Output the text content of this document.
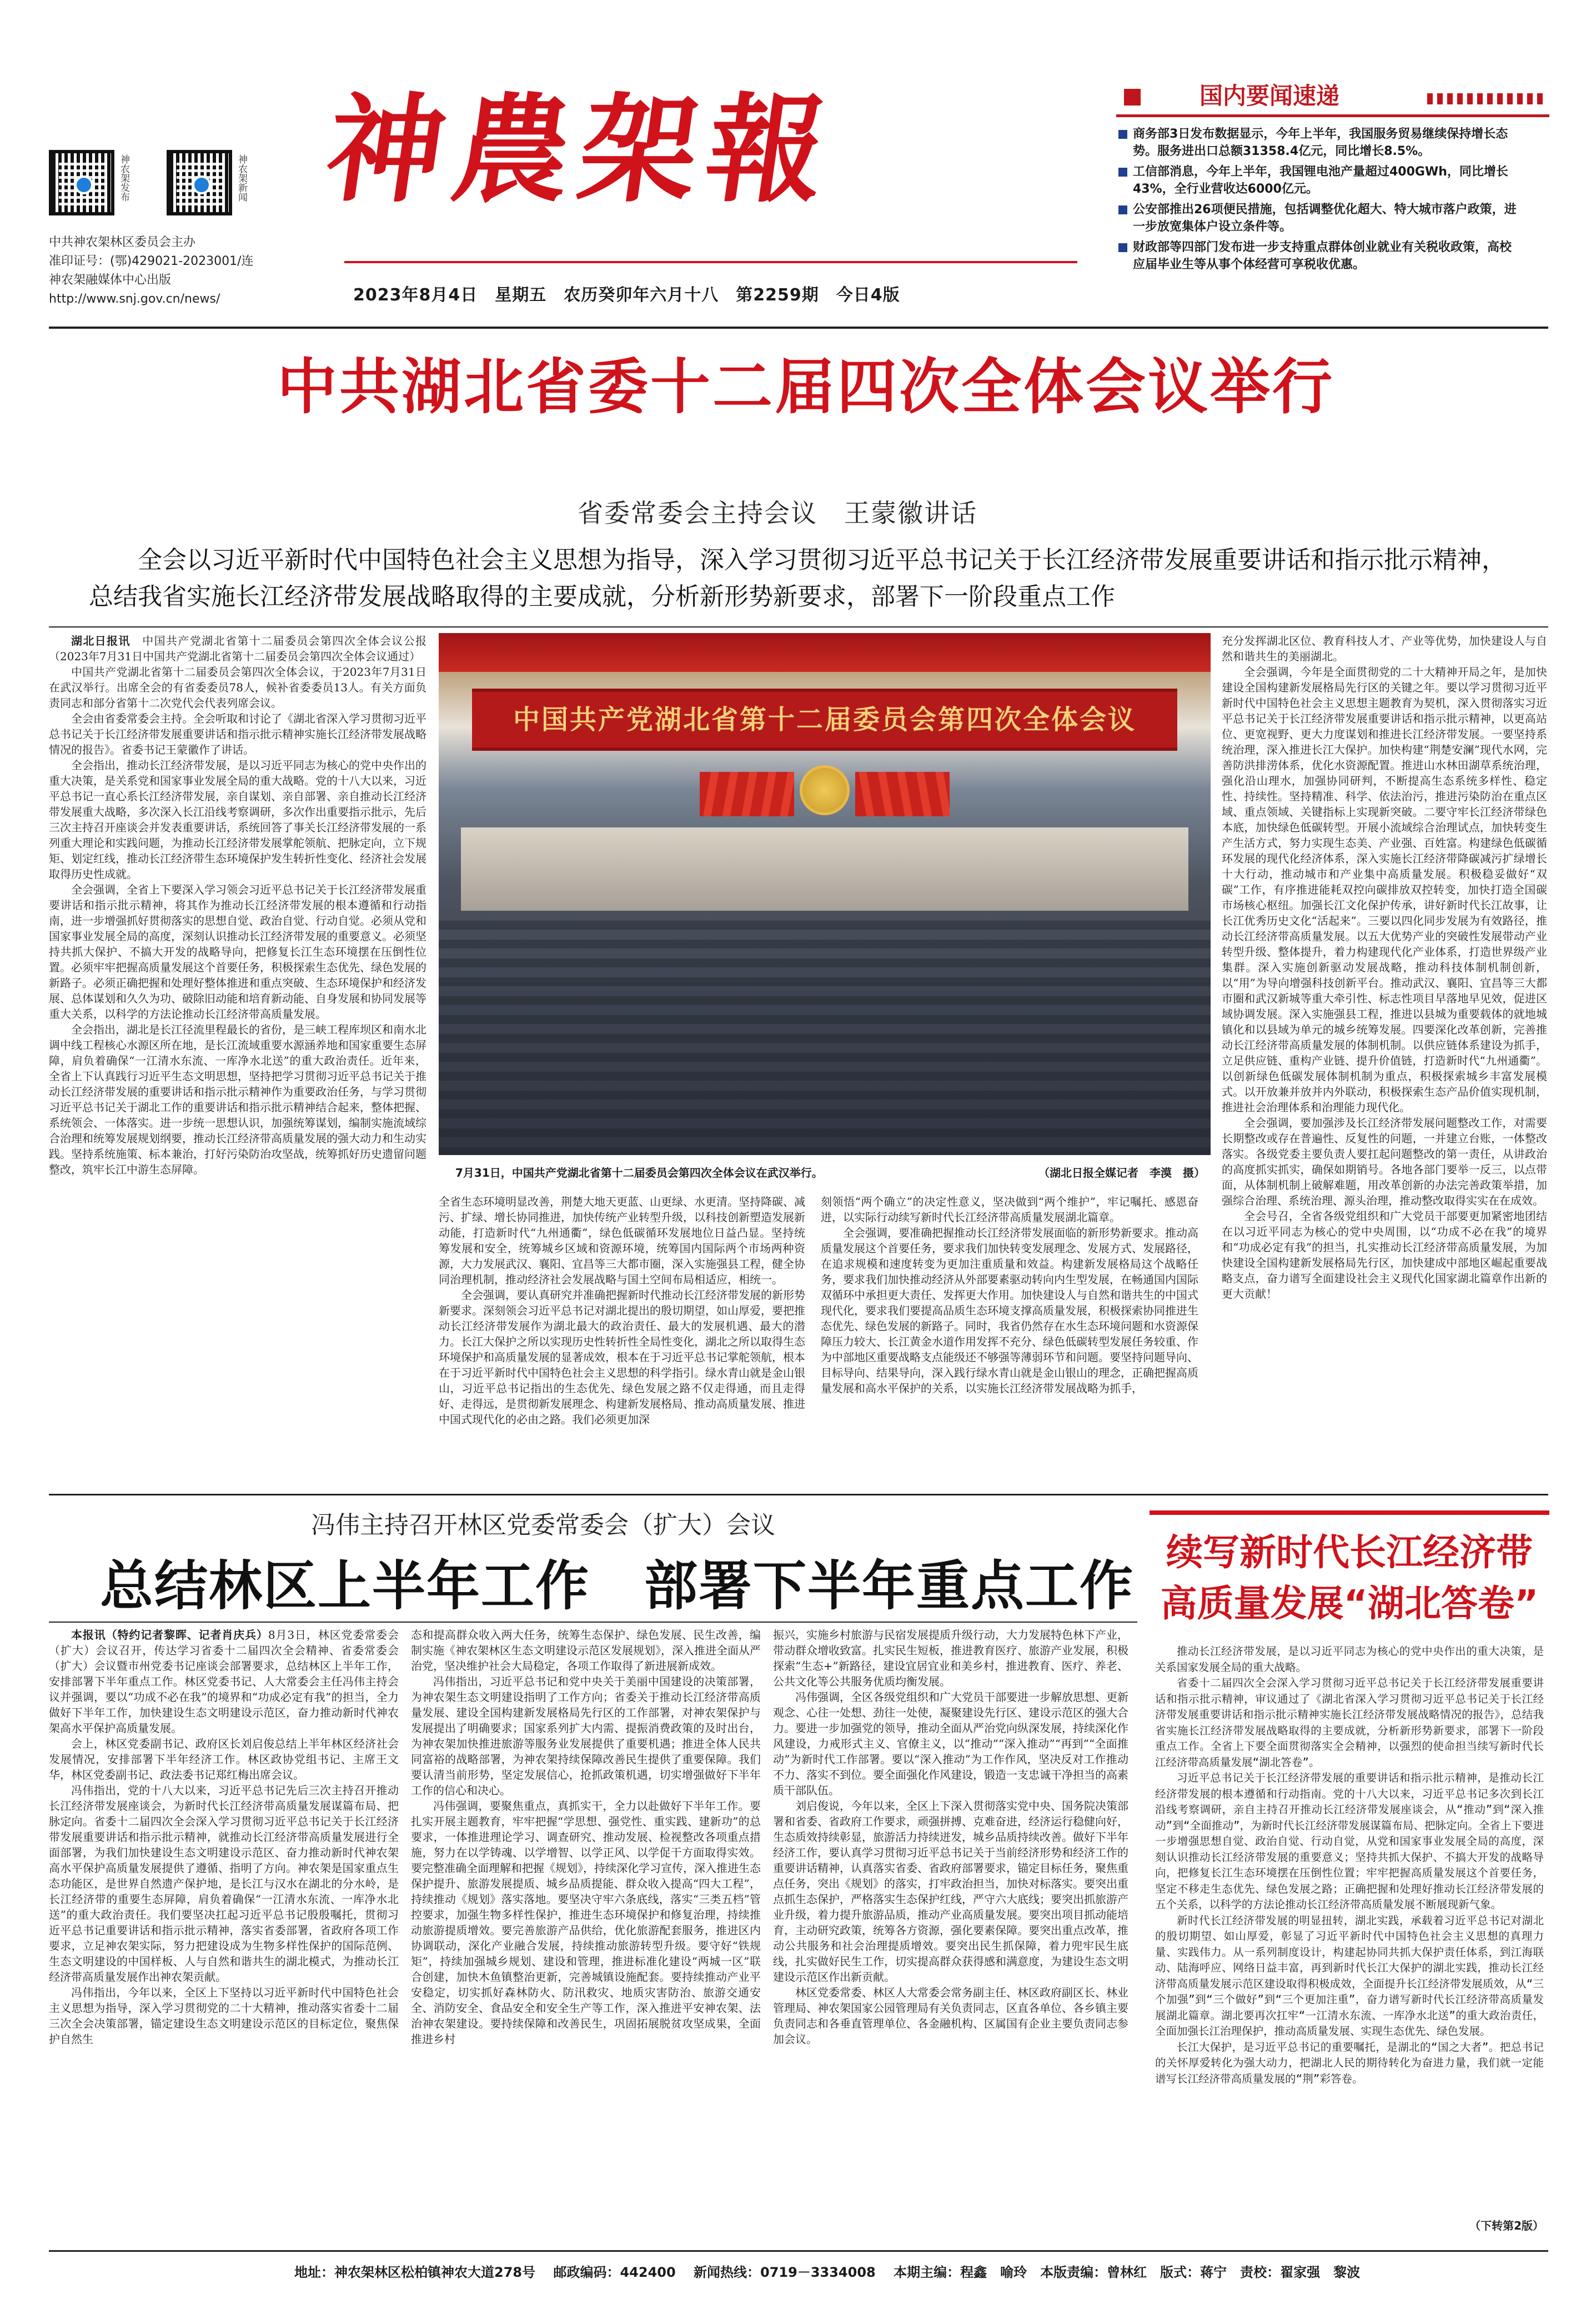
神农架发布	神农架新闻
中共神农架林区委员会主办
准印证号：(鄂)429021-2023001/连
神农架融媒体中心出版
http://www.snj.gov.cn/news/
神農架報
2023年8月4日　星期五　农历癸卯年六月十八　第2259期　今日4版
国内要闻速递
商务部3日发布数据显示，今年上半年，我国服务贸易继续保持增长态势。服务进出口总额31358.4亿元，同比增长8.5%。
工信部消息，今年上半年，我国锂电池产量超过400GWh，同比增长43%，全行业营收达6000亿元。
公安部推出26项便民措施，包括调整优化超大、特大城市落户政策，进一步放宽集体户设立条件等。
财政部等四部门发布进一步支持重点群体创业就业有关税收政策，高校应届毕业生等从事个体经营可享税收优惠。
中共湖北省委十二届四次全体会议举行
省委常委会主持会议　王蒙徽讲话
全会以习近平新时代中国特色社会主义思想为指导，深入学习贯彻习近平总书记关于长江经济带发展重要讲话和指示批示精神，总结我省实施长江经济带发展战略取得的主要成就，分析新形势新要求，部署下一阶段重点工作

湖北日报讯　 中国共产党湖北省第十二届委员会第四次全体会议公报（2023年7月31日中国共产党湖北省第十二届委员会第四次全体会议通过）

中国共产党湖北省第十二届委员会第四次全体会议，于2023年7月31日在武汉举行。出席全会的有省委委员78人，候补省委委员13人。有关方面负责同志和部分省第十二次党代会代表列席会议。

全会由省委常委会主持。全会听取和讨论了《湖北省深入学习贯彻习近平总书记关于长江经济带发展重要讲话和指示批示精神实施长江经济带发展战略情况的报告》。省委书记王蒙徽作了讲话。

全会指出，推动长江经济带发展，是以习近平同志为核心的党中央作出的重大决策，是关系党和国家事业发展全局的重大战略。党的十八大以来，习近平总书记一直心系长江经济带发展，亲自谋划、亲自部署、亲自推动长江经济带发展重大战略，多次深入长江沿线考察调研，多次作出重要指示批示，先后三次主持召开座谈会并发表重要讲话，系统回答了事关长江经济带发展的一系列重大理论和实践问题，为推动长江经济带发展掌舵领航、把脉定向，立下规矩、划定红线，推动长江经济带生态环境保护发生转折性变化、经济社会发展取得历史性成就。

全会强调，全省上下要深入学习领会习近平总书记关于长江经济带发展重要讲话和指示批示精神，将其作为推动长江经济带发展的根本遵循和行动指南，进一步增强抓好贯彻落实的思想自觉、政治自觉、行动自觉。必须从党和国家事业发展全局的高度，深刻认识推动长江经济带发展的重要意义。必须坚持共抓大保护、不搞大开发的战略导向，把修复长江生态环境摆在压倒性位置。必须牢牢把握高质量发展这个首要任务，积极探索生态优先、绿色发展的新路子。必须正确把握和处理好整体推进和重点突破、生态环境保护和经济发展、总体谋划和久久为功、破除旧动能和培育新动能、自身发展和协同发展等重大关系，以科学的方法论推动长江经济带高质量发展。

全会指出，湖北是长江径流里程最长的省份，是三峡工程库坝区和南水北调中线工程核心水源区所在地，是长江流域重要水源涵养地和国家重要生态屏障，肩负着确保“一江清水东流、一库净水北送”的重大政治责任。近年来，全省上下认真践行习近平生态文明思想，坚持把学习贯彻习近平总书记关于推动长江经济带发展的重要讲话和指示批示精神作为重要政治任务，与学习贯彻习近平总书记关于湖北工作的重要讲话和指示批示精神结合起来，整体把握、系统领会、一体落实。进一步统一思想认识，加强统筹谋划，编制实施流域综合治理和统筹发展规划纲要，推动长江经济带高质量发展的强大动力和生动实践。坚持系统施策、标本兼治，打好污染防治攻坚战，统筹抓好历史遗留问题整改，筑牢长江中游生态屏障。

中国共产党湖北省第十二届委员会第四次全体会议
7月31日，中国共产党湖北省第十二届委员会第四次全体会议在武汉举行。	（湖北日报全媒记者　李漠　摄）

全省生态环境明显改善，荆楚大地天更蓝、山更绿、水更清。坚持降碳、减污、扩绿、增长协同推进，加快传统产业转型升级，以科技创新塑造发展新动能，打造新时代“九州通衢”，绿色低碳循环发展地位日益凸显。坚持统筹发展和安全，统筹城乡区域和资源环境，统筹国内国际两个市场两种资源，大力发展武汉、襄阳、宜昌等三大都市圈，深入实施强县工程，健全协同治理机制，推动经济社会发展战略与国土空间布局相适应，相统一。

全会强调，要认真研究并准确把握新时代推动长江经济带发展的新形势新要求。深刻领会习近平总书记对湖北提出的殷切期望，如山厚爱，要把推动长江经济带发展作为湖北最大的政治责任、最大的发展机遇、最大的潜力。长江大保护之所以实现历史性转折性全局性变化，湖北之所以取得生态环境保护和高质量发展的显著成效，根本在于习近平总书记掌舵领航，根本在于习近平新时代中国特色社会主义思想的科学指引。绿水青山就是金山银山，习近平总书记指出的生态优先、绿色发展之路不仅走得通，而且走得好、走得远，是贯彻新发展理念、构建新发展格局、推动高质量发展、推进中国式现代化的必由之路。我们必须更加深

刻领悟“两个确立”的决定性意义，坚决做到“两个维护”，牢记嘱托、感恩奋进，以实际行动续写新时代长江经济带高质量发展湖北篇章。

全会强调，要准确把握推动长江经济带发展面临的新形势新要求。推动高质量发展这个首要任务，要求我们加快转变发展理念、发展方式、发展路径，在追求规模和速度转变为更加注重质量和效益。构建新发展格局这个战略任务，要求我们加快推动经济从外部要素驱动转向内生型发展，在畅通国内国际双循环中承担更大责任、发挥更大作用。加快建设人与自然和谐共生的中国式现代化，要求我们要提高品质生态环境支撑高质量发展，积极探索协同推进生态优先、绿色发展的新路子。同时，我省仍然存在水生态环境问题和水资源保障压力较大、长江黄金水道作用发挥不充分、绿色低碳转型发展任务较重、作为中部地区重要战略支点能级还不够强等薄弱环节和问题。要坚持问题导向、目标导向、结果导向，深入践行绿水青山就是金山银山的理念，正确把握高质量发展和高水平保护的关系，以实施长江经济带发展战略为抓手，

充分发挥湖北区位、教育科技人才、产业等优势，加快建设人与自然和谐共生的美丽湖北。

全会强调，今年是全面贯彻党的二十大精神开局之年，是加快建设全国构建新发展格局先行区的关键之年。要以学习贯彻习近平新时代中国特色社会主义思想主题教育为契机，深入贯彻落实习近平总书记关于长江经济带发展重要讲话和指示批示精神，以更高站位、更宽视野、更大力度谋划和推进长江经济带发展。一要坚持系统治理，深入推进长江大保护。加快构建“荆楚安澜”现代水网，完善防洪排涝体系，优化水资源配置。推进山水林田湖草系统治理，强化沿山理水，加强协同研判，不断提高生态系统多样性、稳定性、持续性。坚持精准、科学、依法治污，推进污染防治在重点区域、重点领域、关键指标上实现新突破。二要守牢长江经济带绿色本底，加快绿色低碳转型。开展小流域综合治理试点，加快转变生产生活方式，努力实现生态美、产业强、百姓富。构建绿色低碳循环发展的现代化经济体系，深入实施长江经济带降碳减污扩绿增长十大行动，推动城市和产业集中高质量发展。积极稳妥做好“双碳”工作，有序推进能耗双控向碳排放双控转变，加快打造全国碳市场核心枢纽。加强长江文化保护传承，讲好新时代长江故事，让长江优秀历史文化“活起来”。三要以四化同步发展为有效路径，推动长江经济带高质量发展。以五大优势产业的突破性发展带动产业转型升级、整体提升，着力构建现代化产业体系，打造世界级产业集群。深入实施创新驱动发展战略，推动科技体制机制创新，以“用”为导向增强科技创新平台。推动武汉、襄阳、宜昌等三大都市圈和武汉新城等重大牵引性、标志性项目早落地早见效，促进区域协调发展。深入实施强县工程，推进以县城为重要载体的就地城镇化和以县域为单元的城乡统筹发展。四要深化改革创新，完善推动长江经济带高质量发展的体制机制。以供应链体系建设为抓手，立足供应链、重构产业链、提升价值链，打造新时代“九州通衢”。以创新绿色低碳发展体制机制为重点，积极探索城乡丰富发展模式。以开放兼并放并内外联动，积极探索生态产品价值实现机制，推进社会治理体系和治理能力现代化。

全会强调，要加强涉及长江经济带发展问题整改工作，对需要长期整改或存在普遍性、反复性的问题，一并建立台账，一体整改落实。各级党委主要负责人要扛起问题整改的第一责任，从讲政治的高度抓实抓实，确保如期销号。各地各部门要举一反三，以点带面，从体制机制上破解难题，用改革创新的办法完善政策举措，加强综合治理、系统治理、源头治理，推动整改取得实实在在成效。

全会号召，全省各级党组织和广大党员干部要更加紧密地团结在以习近平同志为核心的党中央周围，以“功成不必在我”的境界和“功成必定有我”的担当，扎实推动长江经济带高质量发展，为加快建设全国构建新发展格局先行区，加快建成中部地区崛起重要战略支点，奋力谱写全面建设社会主义现代化国家湖北篇章作出新的更大贡献！

冯伟主持召开林区党委常委会（扩大）会议
总结林区上半年工作　部署下半年重点工作

本报讯（特约记者黎晖、记者肖庆兵）8月3日，林区党委常委会（扩大）会议召开，传达学习省委十二届四次全会精神、省委常委会（扩大）会议暨市州党委书记座谈会部署要求，总结林区上半年工作，安排部署下半年重点工作。林区党委书记、人大常委会主任冯伟主持会议并强调，要以“功成不必在我”的境界和“功成必定有我”的担当，全力做好下半年工作，加快建设生态文明建设示范区，奋力推动新时代神农架高水平保护高质量发展。

会上，林区党委副书记、政府区长刘启俊总结上半年林区经济社会发展情况，安排部署下半年经济工作。林区政协党组书记、主席王文华，林区党委副书记、政法委书记郑红梅出席会议。

冯伟指出，党的十八大以来，习近平总书记先后三次主持召开推动长江经济带发展座谈会，为新时代长江经济带高质量发展谋篇布局、把脉定向。省委十二届四次全会深入学习贯彻习近平总书记关于长江经济带发展重要讲话和指示批示精神，就推动长江经济带高质量发展进行全面部署，为我们加快建设生态文明建设示范区、奋力推动新时代神农架高水平保护高质量发展提供了遵循、指明了方向。神农架是国家重点生态功能区，是世界自然遗产保护地，是长江与汉水在湖北的分水岭，是长江经济带的重要生态屏障，肩负着确保“一江清水东流、一库净水北送”的重大政治责任。我们要坚决扛起习近平总书记殷殷嘱托，贯彻习近平总书记重要讲话和指示批示精神，落实省委部署，省政府各项工作要求，立足神农架实际，努力把建设成为生物多样性保护的国际范例、生态文明建设的中国样板、人与自然和谐共生的湖北模式，为推动长江经济带高质量发展作出神农架贡献。

冯伟指出，今年以来，全区上下坚持以习近平新时代中国特色社会主义思想为指导，深入学习贯彻党的二十大精神，推动落实省委十二届三次全会决策部署，锚定建设生态文明建设示范区的目标定位，聚焦保护自然生

态和提高群众收入两大任务，统筹生态保护、绿色发展、民生改善，编制实施《神农架林区生态文明建设示范区发展规划》，深入推进全面从严治党，坚决维护社会大局稳定，各项工作取得了新进展新成效。

冯伟指出，习近平总书记和党中央关于美丽中国建设的决策部署，为神农架生态文明建设指明了工作方向；省委关于推动长江经济带高质量发展、建设全国构建新发展格局先行区的工作部署，对神农架保护与发展提出了明确要求；国家系列扩大内需、提振消费政策的及时出台，为神农架加快推进旅游等服务业发展提供了重要机遇；推进全体人民共同富裕的战略部署，为神农架持续保障改善民生提供了重要保障。我们要认清当前形势，坚定发展信心，抢抓政策机遇，切实增强做好下半年工作的信心和决心。

冯伟强调，要聚焦重点，真抓实干，全力以赴做好下半年工作。要扎实开展主题教育，牢牢把握“学思想、强党性、重实践、建新功”的总要求，一体推进理论学习、调查研究、推动发展、检视整改各项重点措施，努力在以学铸魂、以学增智、以学正风、以学促干方面取得实效。要完整准确全面理解和把握《规划》，持续深化学习宣传，深入推进生态保护提升、旅游发展提质、城乡品质提能、群众收入提高“四大工程”，持续推动《规划》落实落地。要坚决守牢六条底线，落实“三类五档”管控要求，加强生物多样性保护，推进生态环境保护和修复治理，持续推动旅游提质增效。要完善旅游产品供给，优化旅游配套服务，推进区内协调联动，深化产业融合发展，持续推动旅游转型升级。要守好“铁规矩”，持续加强城乡规划、建设和管理，推进标准化建设“两城一区”联合创建，加快木鱼镇整治更新，完善城镇设施配套。要持续推动产业平安稳定，切实抓好森林防火、防汛救灾、地质灾害防治、旅游交通安全、消防安全、食品安全和安全生产等工作，深入推进平安神农架、法治神农架建设。要持续保障和改善民生，巩固拓展脱贫攻坚成果，全面推进乡村

振兴，实施乡村旅游与民宿发展提质升级行动，大力发展特色林下产业，带动群众增收致富。扎实民生短板，推进教育医疗、旅游产业发展，积极探索“生态+”新路径，建设宜居宜业和美乡村，推进教育、医疗、养老、公共文化等公共服务优质均衡发展。

冯伟强调，全区各级党组织和广大党员干部要进一步解放思想、更新观念、心往一处想、劲往一处使，凝聚建设先行区、建设示范区的强大合力。要进一步加强党的领导，推动全面从严治党向纵深发展，持续深化作风建设，力戒形式主义、官僚主义，以“推动”“深入推动”“再到”“全面推动”为新时代工作部署。要以“深入推动”为工作作风，坚决反对工作推动不力、落实不到位。要全面强化作风建设，锻造一支忠诚干净担当的高素质干部队伍。

刘启俊说，今年以来，全区上下深入贯彻落实党中央、国务院决策部署和省委、省政府工作要求，顽强拼搏、克难奋进，经济运行稳健向好，生态质效持续彰显，旅游活力持续迸发，城乡品质持续改善。做好下半年经济工作，要认真学习贯彻习近平总书记关于当前经济形势和经济工作的重要讲话精神，认真落实省委、省政府部署要求，锚定目标任务，聚焦重点任务，突出《规划》的落实，打牢政治担当，加快对标落实。要突出重点抓生态保护，严格落实生态保护红线，严守六大底线；要突出抓旅游产业升级，着力提升旅游品质，推动产业高质量发展。要突出项目抓动能培育，主动研究政策，统筹各方资源，强化要素保障。要突出重点改革，推动公共服务和社会治理提质增效。要突出民生抓保障，着力兜牢民生底线，扎实做好民生工作，切实提高群众获得感和满意度，为建设生态文明建设示范区作出新贡献。

林区党委常委、林区人大常委会常务副主任、林区政府副区长、林业管理局、神农架国家公园管理局有关负责同志，区直各单位、各乡镇主要负责同志和各垂直管理单位、各金融机构、区属国有企业主要负责同志参加会议。

续写新时代长江经济带
高质量发展“湖北答卷”

推动长江经济带发展，是以习近平同志为核心的党中央作出的重大决策，是关系国家发展全局的重大战略。

省委十二届四次全会深入学习贯彻习近平总书记关于长江经济带发展重要讲话和指示批示精神，审议通过了《湖北省深入学习贯彻习近平总书记关于长江经济带发展重要讲话和指示批示精神实施长江经济带发展战略情况的报告》，总结我省实施长江经济带发展战略取得的主要成就，分析新形势新要求，部署下一阶段重点工作。全省上下要全面贯彻落实全会精神，以强烈的使命担当续写新时代长江经济带高质量发展“湖北答卷”。

习近平总书记关于长江经济带发展的重要讲话和指示批示精神，是推动长江经济带发展的根本遵循和行动指南。党的十八大以来，习近平总书记多次到长江沿线考察调研，亲自主持召开推动长江经济带发展座谈会，从“推动”到“深入推动”到“全面推动”，为新时代长江经济带发展谋篇布局、把脉定向。全省上下要进一步增强思想自觉、政治自觉、行动自觉，从党和国家事业发展全局的高度，深刻认识推动长江经济带发展的重要意义；坚持共抓大保护、不搞大开发的战略导向，把修复长江生态环境摆在压倒性位置；牢牢把握高质量发展这个首要任务，坚定不移走生态优先、绿色发展之路；正确把握和处理好推动长江经济带发展的五个关系，以科学的方法论推动长江经济带高质量发展不断展现新气象。

新时代长江经济带发展的明显扭转，湖北实践，承载着习近平总书记对湖北的殷切期望、如山厚爱，彰显了习近平新时代中国特色社会主义思想的真理力量、实践伟力。从一系列制度设计，构建起协同共抓大保护责任体系，到江海联动、陆海呼应、网络日益丰富，再到新时代长江大保护的湖北实践，推动长江经济带高质量发展示范区建设取得积极成效，全面提升长江经济带发展质效，从“三个加强”到“三个做好”到“三个更加注重”，奋力谱写新时代长江经济带高质量发展湖北篇章。湖北要再次扛牢“一江清水东流、一库净水北送”的重大政治责任，全面加强长江治理保护，推动高质量发展、实现生态优先、绿色发展。

长江大保护，是习近平总书记的重要嘱托，是湖北的“国之大者”。把总书记的关怀厚爱转化为强大动力，把湖北人民的期待转化为奋进力量，我们就一定能谱写长江经济带高质量发展的“荆”彩答卷。

（下转第2版）
地址：神农架林区松柏镇神农大道278号　 邮政编码：442400　 新闻热线：0719－3334008　 本期主编：程鑫　喻玲　本版责编：曾林红　版式：蒋宁　责校：翟家强　黎波
